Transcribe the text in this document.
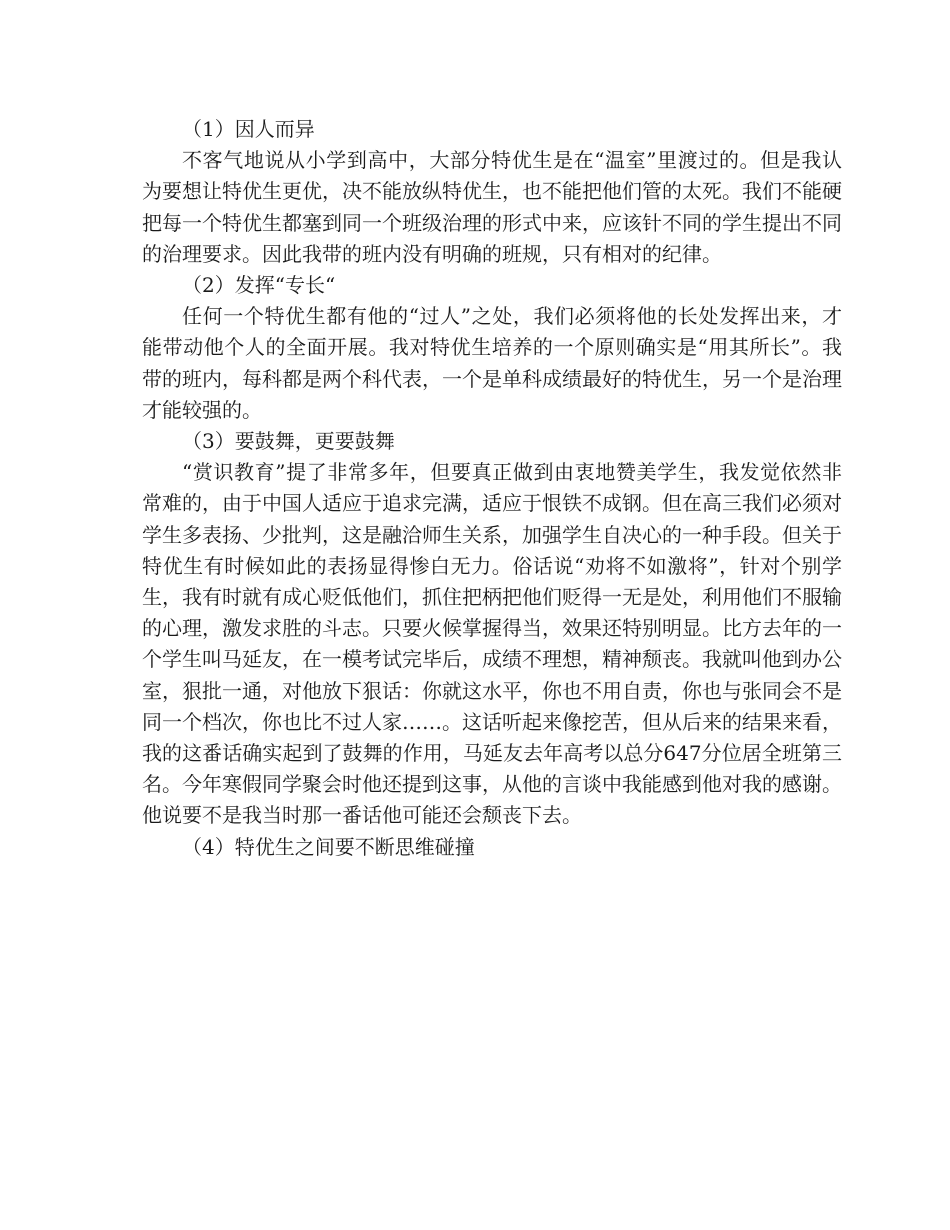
（1）因人而异

不客气地说从小学到高中，大部分特优生是在“温室”里渡过的。但是我认为要想让特优生更优，决不能放纵特优生，也不能把他们管的太死。我们不能硬把每一个特优生都塞到同一个班级治理的形式中来，应该针不同的学生提出不同的治理要求。因此我带的班内没有明确的班规，只有相对的纪律。

（2）发挥“专长“

任何一个特优生都有他的“过人”之处，我们必须将他的长处发挥出来，才能带动他个人的全面开展。我对特优生培养的一个原则确实是“用其所长”。我带的班内，每科都是两个科代表，一个是单科成绩最好的特优生，另一个是治理才能较强的。

（3）要鼓舞，更要鼓舞

“赏识教育”提了非常多年，但要真正做到由衷地赞美学生，我发觉依然非常难的，由于中国人适应于追求完满，适应于恨铁不成钢。但在高三我们必须对学生多表扬、少批判，这是融洽师生关系，加强学生自决心的一种手段。但关于特优生有时候如此的表扬显得惨白无力。俗话说“劝将不如激将”，针对个别学生，我有时就有成心贬低他们，抓住把柄把他们贬得一无是处，利用他们不服输的心理，激发求胜的斗志。只要火候掌握得当，效果还特别明显。比方去年的一个学生叫马延友，在一模考试完毕后，成绩不理想，精神颓丧。我就叫他到办公室，狠批一通，对他放下狠话：你就这水平，你也不用自责，你也与张同会不是同一个档次，你也比不过人家……。这话听起来像挖苦，但从后来的结果来看，我的这番话确实起到了鼓舞的作用，马延友去年高考以总分647分位居全班第三名。今年寒假同学聚会时他还提到这事，从他的言谈中我能感到他对我的感谢。他说要不是我当时那一番话他可能还会颓丧下去。

（4）特优生之间要不断思维碰撞
